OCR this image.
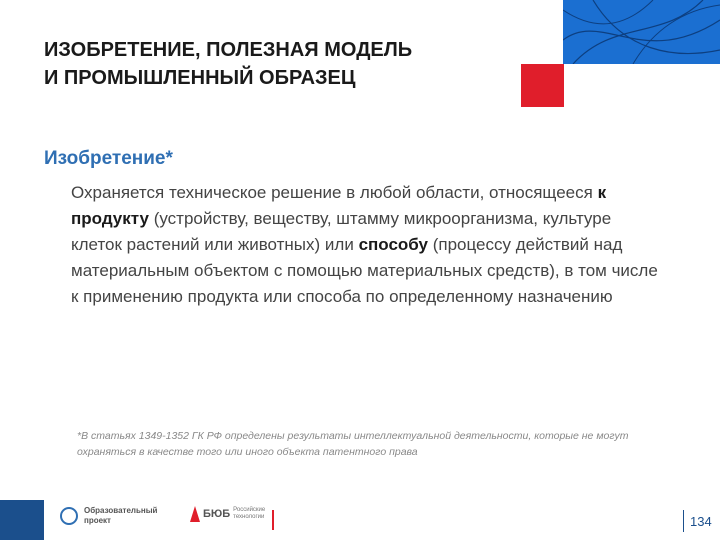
ИЗОБРЕТЕНИЕ, ПОЛЕЗНАЯ МОДЕЛЬ
И ПРОМЫШЛЕННЫЙ ОБРАЗЕЦ
Изобретение*

Охраняется техническое решение в любой области, относящееся к продукту (устройству, веществу, штамму микроорганизма, культуре клеток растений или животных) или способу (процессу действий над материальным объектом с помощью материальных средств), в том числе к применению продукта или способа по определенному назначению

*В статьях 1349-1352 ГК РФ определены результаты интеллектуальной деятельности, которые не могут охраняться в качестве того или иного объекта патентного права

Образовательный
проект
БЮБ Российские
технологии	134
